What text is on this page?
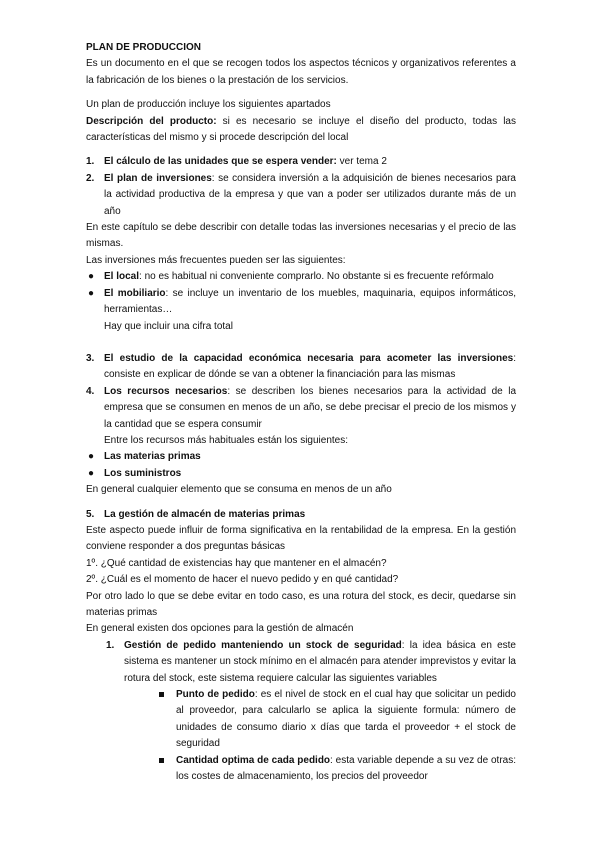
PLAN DE PRODUCCION

Es un documento en el que se recogen todos los aspectos técnicos y organizativos referentes a la fabricación de los bienes o la prestación de los servicios.

Un plan de producción incluye los siguientes apartados

Descripción del producto: si es necesario se incluye el diseño del producto, todas las características del mismo y si procede descripción del local

1. El cálculo de las unidades que se espera vender: ver tema 2
2. El plan de inversiones: se considera inversión a la adquisición de bienes necesarios para la actividad productiva de la empresa y que van a poder ser utilizados durante más de un año

En este capítulo se debe describir con detalle todas las inversiones necesarias y el precio de las mismas.

Las inversiones más frecuentes pueden ser las siguientes:

● El local: no es habitual ni conveniente comprarlo. No obstante si es frecuente refórmalo
● El mobiliario: se incluye un inventario de los muebles, maquinaria, equipos informáticos, herramientas…

Hay que incluir una cifra total

3. El estudio de la capacidad económica necesaria para acometer las inversiones: consiste en explicar de dónde se van a obtener la financiación para las mismas
4. Los recursos necesarios: se describen los bienes necesarios para la actividad de la empresa que se consumen en menos de un año, se debe precisar el precio de los mismos y la cantidad que se espera consumir

Entre los recursos más habituales están los siguientes:

● Las materias primas
● Los suministros

En general cualquier elemento que se consuma en menos de un año

5. La gestión de almacén de materias primas

Este aspecto puede influir de forma significativa en la rentabilidad de la empresa. En la gestión conviene responder a dos preguntas básicas

1º. ¿Qué cantidad de existencias hay que mantener en el almacén?

2º. ¿Cuál es el momento de hacer el nuevo pedido y en qué cantidad?

Por otro lado lo que se debe evitar en todo caso, es una rotura del stock, es decir, quedarse sin materias primas

En general existen dos opciones para la gestión de almacén

1. Gestión de pedido manteniendo un stock de seguridad: la idea básica en este sistema es mantener un stock mínimo en el almacén para atender imprevistos y evitar la rotura del stock, este sistema requiere calcular las siguientes variables
Punto de pedido: es el nivel de stock en el cual hay que solicitar un pedido al proveedor, para calcularlo se aplica la siguiente formula: número de unidades de consumo diario x días que tarda el proveedor + el stock de seguridad
Cantidad optima de cada pedido: esta variable depende a su vez de otras: los costes de almacenamiento, los precios del proveedor
